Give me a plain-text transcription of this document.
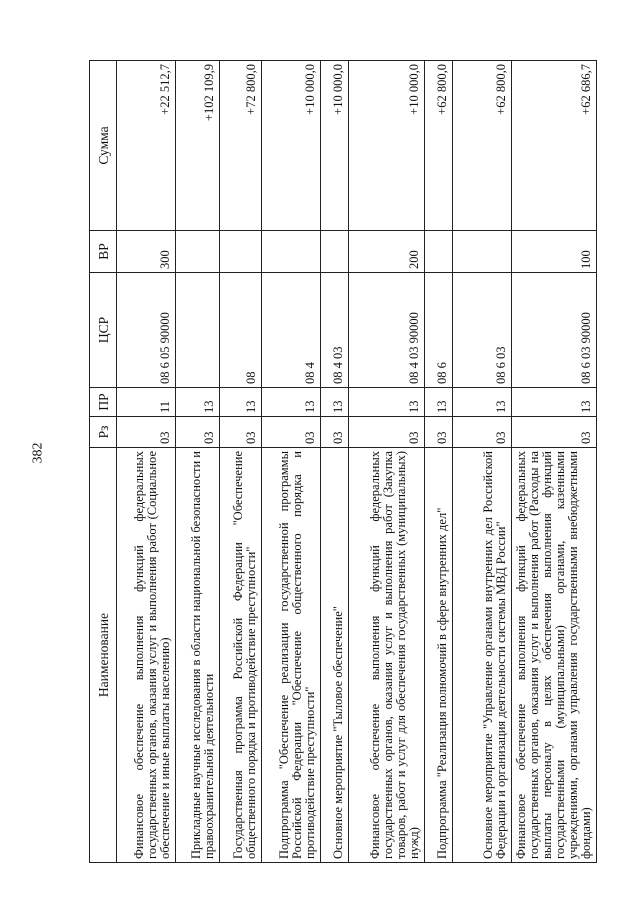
382
Наименование	Рз	ПР	ЦСР	ВР	Сумма
Финансовое обеспечение выполнения функций федеральных государственных органов, оказания услуг и выполнения работ (Социальное обеспечение и иные выплаты населению)	03	11	08 6 05 90000	300	+22 512,7
Прикладные научные исследования в области национальной безопасности и правоохранительной деятельности	03	13			+102 109,9
Государственная программа Российской Федерации "Обеспечение общественного порядка и противодействие преступности"	03	13	08		+72 800,0
Подпрограмма "Обеспечение реализации государственной программы Российской Федерации "Обеспечение общественного порядка и противодействие преступности"	03	13	08 4		+10 000,0
Основное мероприятие "Тыловое обеспечение"	03	13	08 4 03		+10 000,0
Финансовое обеспечение выполнения функций федеральных государственных органов, оказания услуг и выполнения работ (Закупка товаров, работ и услуг для обеспечения государственных (муниципальных) нужд)	03	13	08 4 03 90000	200	+10 000,0
Подпрограмма "Реализация полномочий в сфере внутренних дел"	03	13	08 6		+62 800,0
Основное мероприятие "Управление органами внутренних дел Российской Федерации и организация деятельности системы МВД России"	03	13	08 6 03		+62 800,0
Финансовое обеспечение выполнения функций федеральных государственных органов, оказания услуг и выполнения работ (Расходы на выплаты персоналу в целях обеспечения выполнения функций государственными (муниципальными) органами, казенными учреждениями, органами управления государственными внебюджетными фондами)	03	13	08 6 03 90000	100	+62 686,7
